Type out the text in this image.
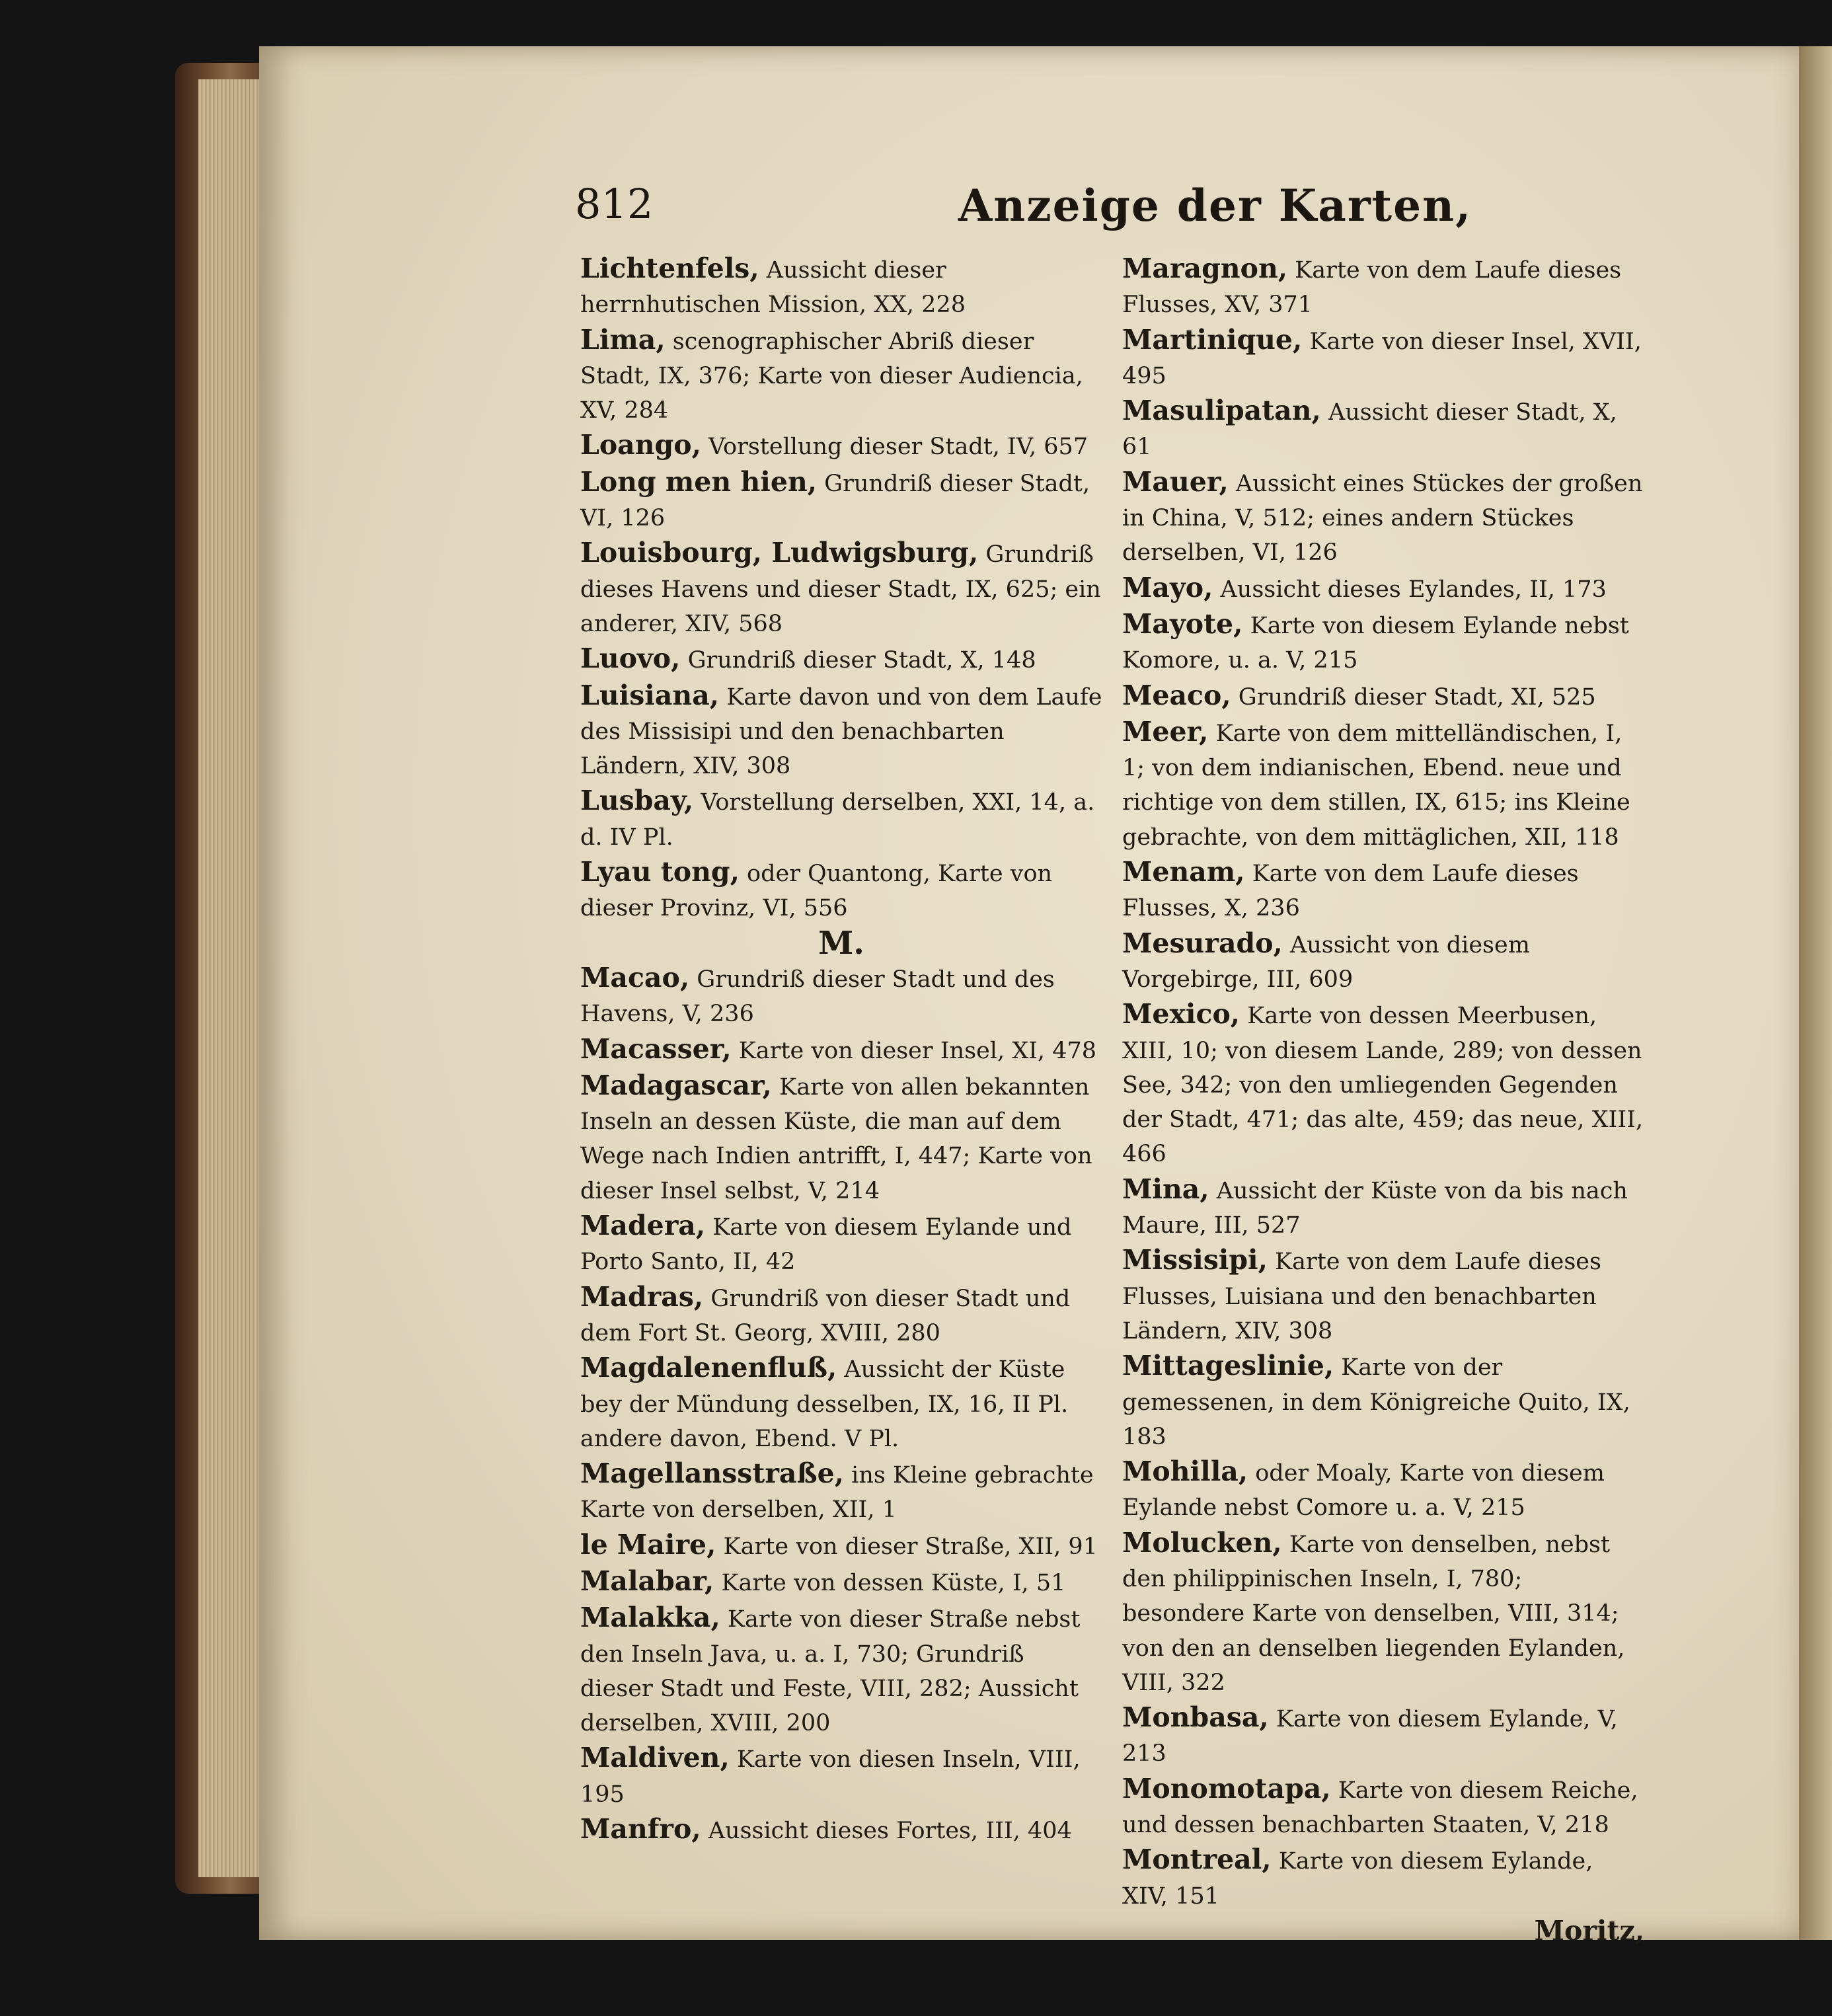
812	Anzeige der Karten,

Lichtenfels, Aussicht dieser herrnhutischen Mission, XX, 228

Lima, scenographischer Abriß dieser Stadt, IX, 376; Karte von dieser Audiencia, XV, 284

Loango, Vorstellung dieser Stadt, IV, 657

Long men hien, Grundriß dieser Stadt, VI, 126

Louisbourg, Ludwigsburg, Grundriß dieses Havens und dieser Stadt, IX, 625; ein anderer, XIV, 568

Luovo, Grundriß dieser Stadt, X, 148

Luisiana, Karte davon und von dem Laufe des Missisipi und den benachbarten Ländern, XIV, 308

Lusbay, Vorstellung derselben, XXI, 14, a. d. IV Pl.

Lyau tong, oder Quantong, Karte von dieser Provinz, VI, 556

M.

Macao, Grundriß dieser Stadt und des Havens, V, 236

Macasser, Karte von dieser Insel, XI, 478

Madagascar, Karte von allen bekannten Inseln an dessen Küste, die man auf dem Wege nach Indien antrifft, I, 447; Karte von dieser Insel selbst, V, 214

Madera, Karte von diesem Eylande und Porto Santo, II, 42

Madras, Grundriß von dieser Stadt und dem Fort St. Georg, XVIII, 280

Magdalenenfluß, Aussicht der Küste bey der Mündung desselben, IX, 16, II Pl. andere davon, Ebend. V Pl.

Magellansstraße, ins Kleine gebrachte Karte von derselben, XII, 1

le Maire, Karte von dieser Straße, XII, 91

Malabar, Karte von dessen Küste, I, 51

Malakka, Karte von dieser Straße nebst den Inseln Java, u. a. I, 730; Grundriß dieser Stadt und Feste, VIII, 282; Aussicht derselben, XVIII, 200

Maldiven, Karte von diesen Inseln, VIII, 195

Manfro, Aussicht dieses Fortes, III, 404

Maragnon, Karte von dem Laufe dieses Flusses, XV, 371

Martinique, Karte von dieser Insel, XVII, 495

Masulipatan, Aussicht dieser Stadt, X, 61

Mauer, Aussicht eines Stückes der großen in China, V, 512; eines andern Stückes derselben, VI, 126

Mayo, Aussicht dieses Eylandes, II, 173

Mayote, Karte von diesem Eylande nebst Komore, u. a. V, 215

Meaco, Grundriß dieser Stadt, XI, 525

Meer, Karte von dem mittelländischen, I, 1; von dem indianischen, Ebend. neue und richtige von dem stillen, IX, 615; ins Kleine gebrachte, von dem mittäglichen, XII, 118

Menam, Karte von dem Laufe dieses Flusses, X, 236

Mesurado, Aussicht von diesem Vorgebirge, III, 609

Mexico, Karte von dessen Meerbusen, XIII, 10; von diesem Lande, 289; von dessen See, 342; von den umliegenden Gegenden der Stadt, 471; das alte, 459; das neue, XIII, 466

Mina, Aussicht der Küste von da bis nach Maure, III, 527

Missisipi, Karte von dem Laufe dieses Flusses, Luisiana und den benachbarten Ländern, XIV, 308

Mittageslinie, Karte von der gemessenen, in dem Königreiche Quito, IX, 183

Mohilla, oder Moaly, Karte von diesem Eylande nebst Comore u. a. V, 215

Molucken, Karte von denselben, nebst den philippinischen Inseln, I, 780; besondere Karte von denselben, VIII, 314; von den an denselben liegenden Eylanden, VIII, 322

Monbasa, Karte von diesem Eylande, V, 213

Monomotapa, Karte von diesem Reiche, und dessen benachbarten Staaten, V, 218

Montreal, Karte von diesem Eylande, XIV, 151

Moritz,
